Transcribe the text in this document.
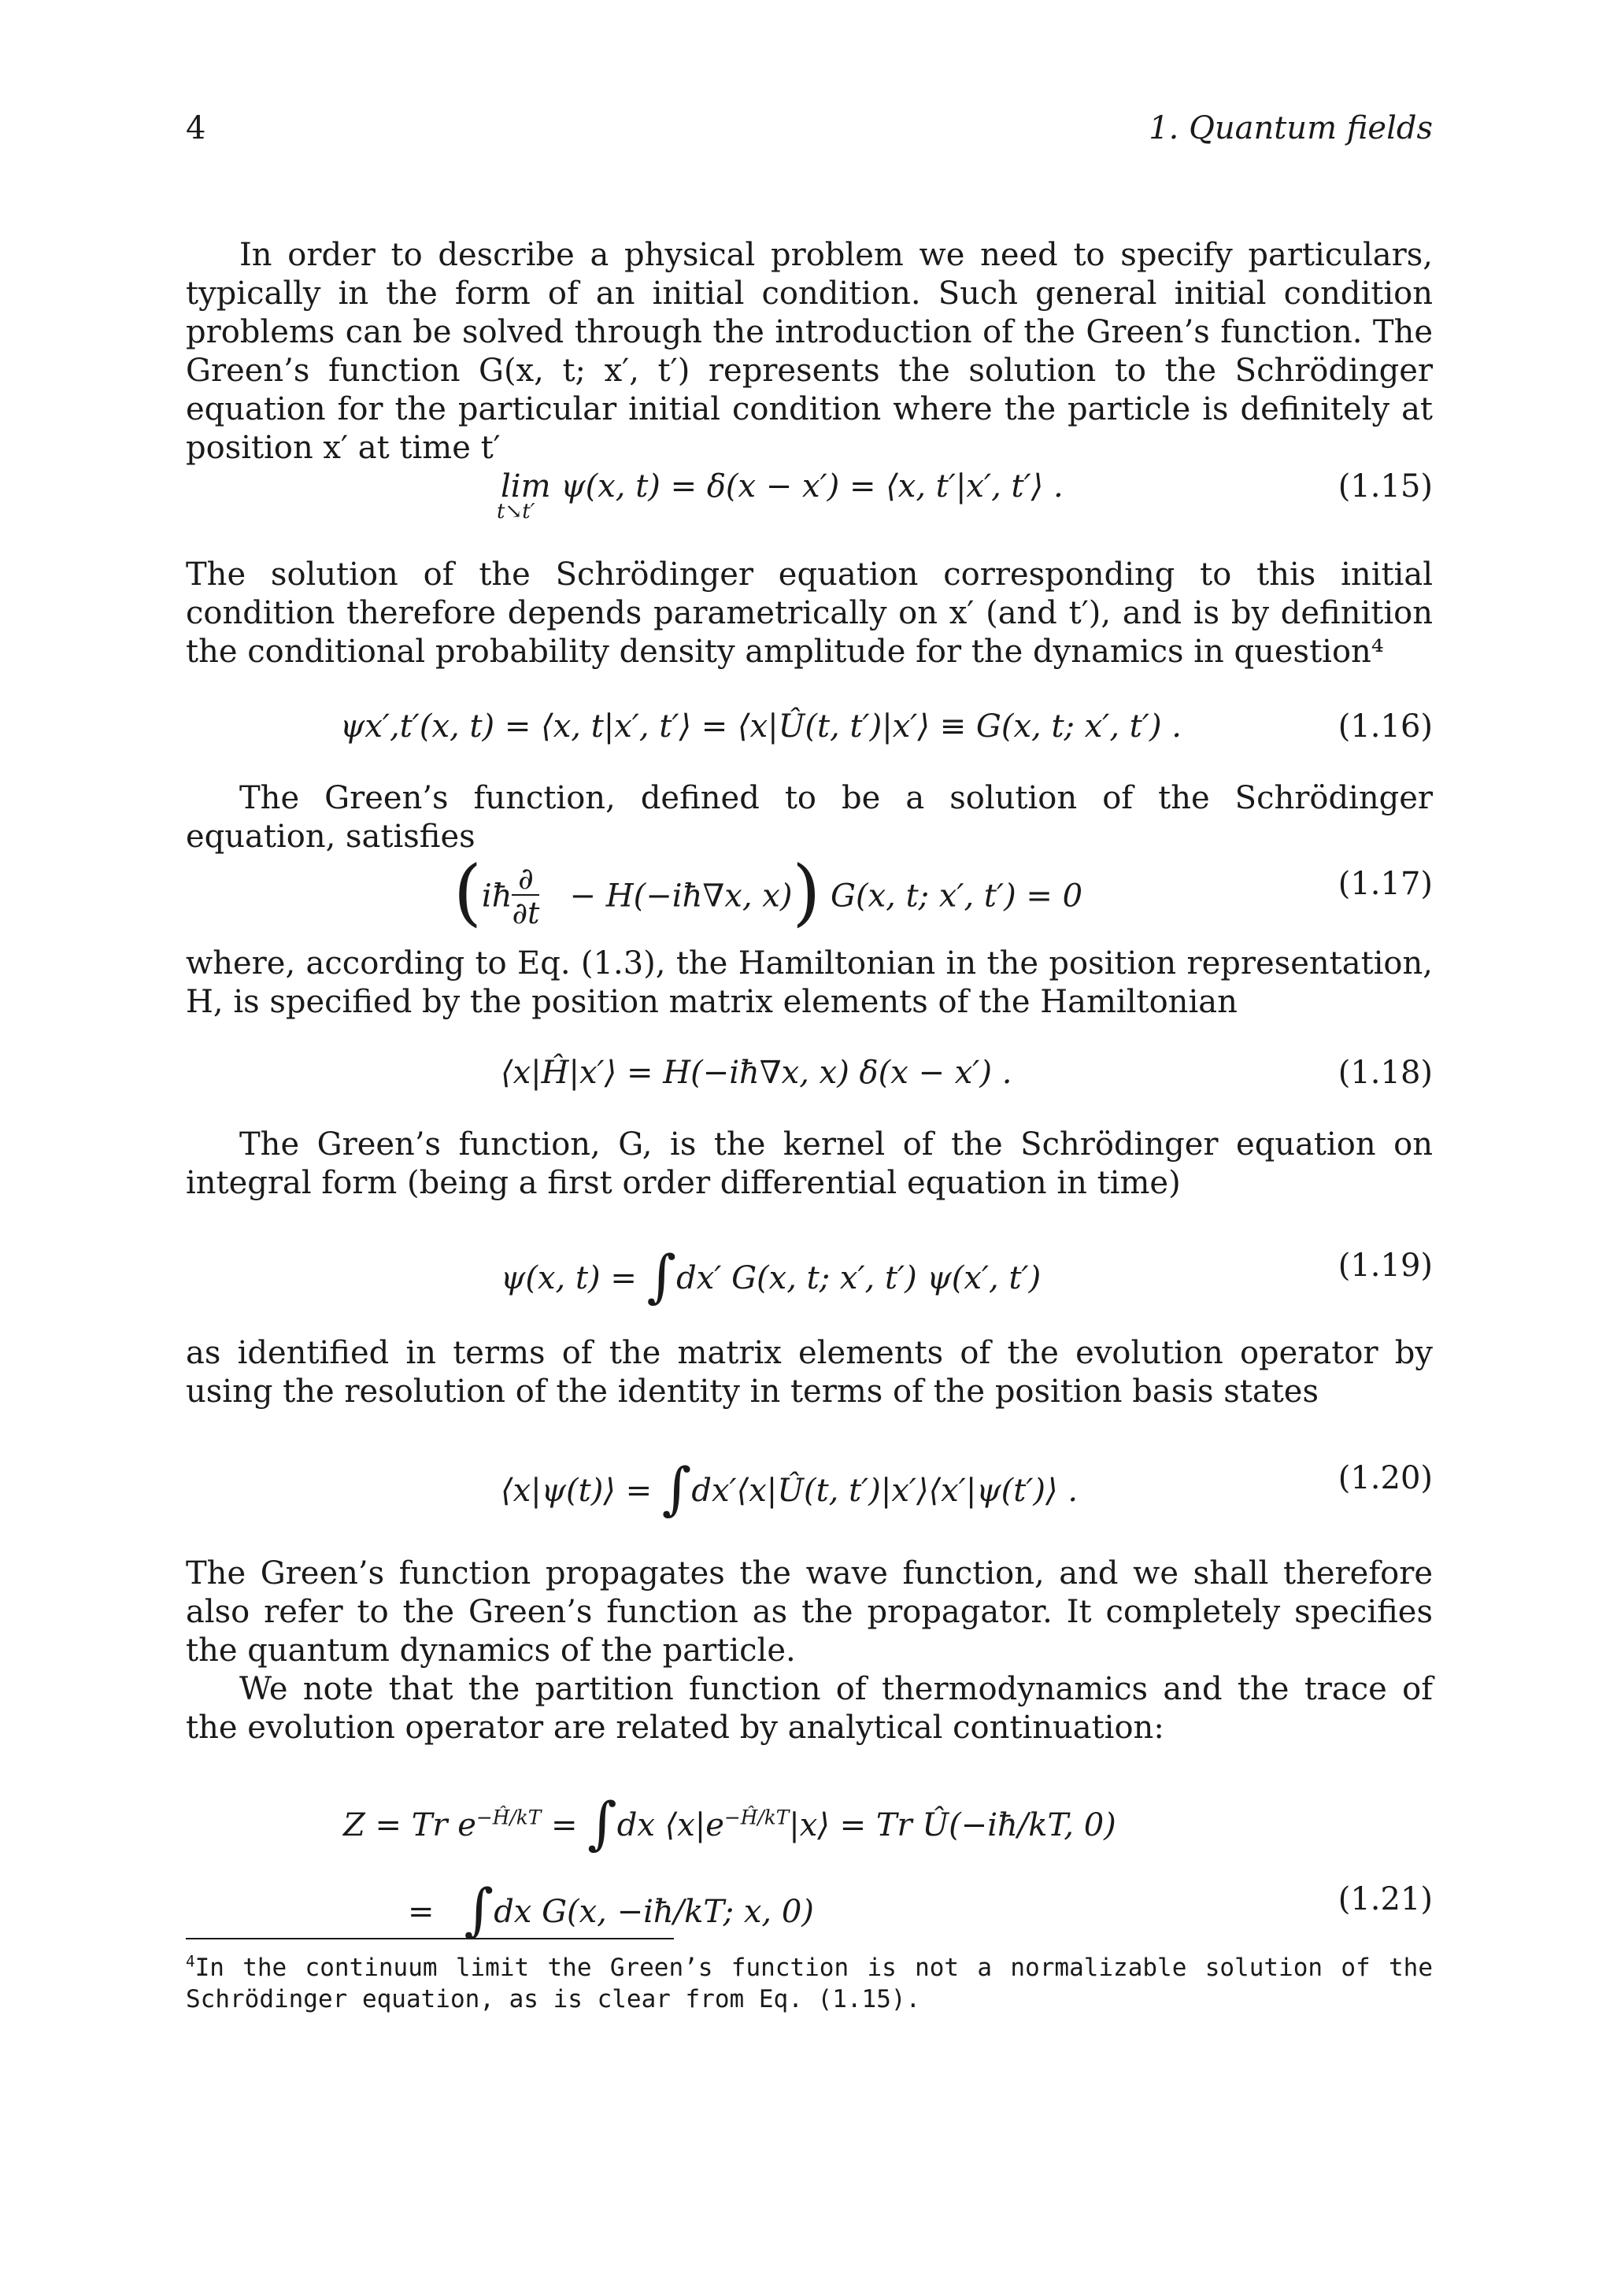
4	1. Quantum fields

In order to describe a physical problem we need to specify particulars, typically in the form of an initial condition. Such general initial condition problems can be solved through the introduction of the Green’s function. The Green’s function G(x, t; x′, t′) represents the solution to the Schrödinger equation for the particular initial condition where the particle is definitely at position x′ at time t′

lim ψ(x, t) = δ(x − x′) = ⟨x, t′|x′, t′⟩ .
t↘t′
(1.15)

The solution of the Schrödinger equation corresponding to this initial condition therefore depends parametrically on x′ (and t′), and is by definition the conditional probability density amplitude for the dynamics in question⁴

ψx′,t′(x, t) = ⟨x, t|x′, t′⟩ = ⟨x|Û(t, t′)|x′⟩ ≡ G(x, t; x′, t′) .	(1.16)

The Green’s function, defined to be a solution of the Schrödinger equation, satisfies

(iħ $\frac{\partial}{\partial t}$ − H(−iħ∇x, x)) G(x, t; x′, t′) = 0	(1.17)

where, according to Eq. (1.3), the Hamiltonian in the position representation, H, is specified by the position matrix elements of the Hamiltonian

⟨x|Ĥ|x′⟩ = H(−iħ∇x, x) δ(x − x′) .	(1.18)

The Green’s function, G, is the kernel of the Schrödinger equation on integral form (being a first order differential equation in time)

ψ(x, t) = ∫dx′ G(x, t; x′, t′) ψ(x′, t′)	(1.19)

as identified in terms of the matrix elements of the evolution operator by using the resolution of the identity in terms of the position basis states

⟨x|ψ(t)⟩ = ∫dx′⟨x|Û(t, t′)|x′⟩⟨x′|ψ(t′)⟩ .	(1.20)

The Green’s function propagates the wave function, and we shall therefore also refer to the Green’s function as the propagator. It completely specifies the quantum dynamics of the particle.

We note that the partition function of thermodynamics and the trace of the evolution operator are related by analytical continuation:

Z = Tr $e^{-Ĥ/kT} = \int dx$ $⟨x|e^{-Ĥ/kT}|x⟩ = Tr$ Û(−iħ/kT, 0)
= ∫dx G(x, −iħ/kT; x, 0)	(1.21)
$^4$In the continuum limit the Green’s function is not a normalizable solution of the Schrödinger equation, as is clear from Eq. (1.15).
